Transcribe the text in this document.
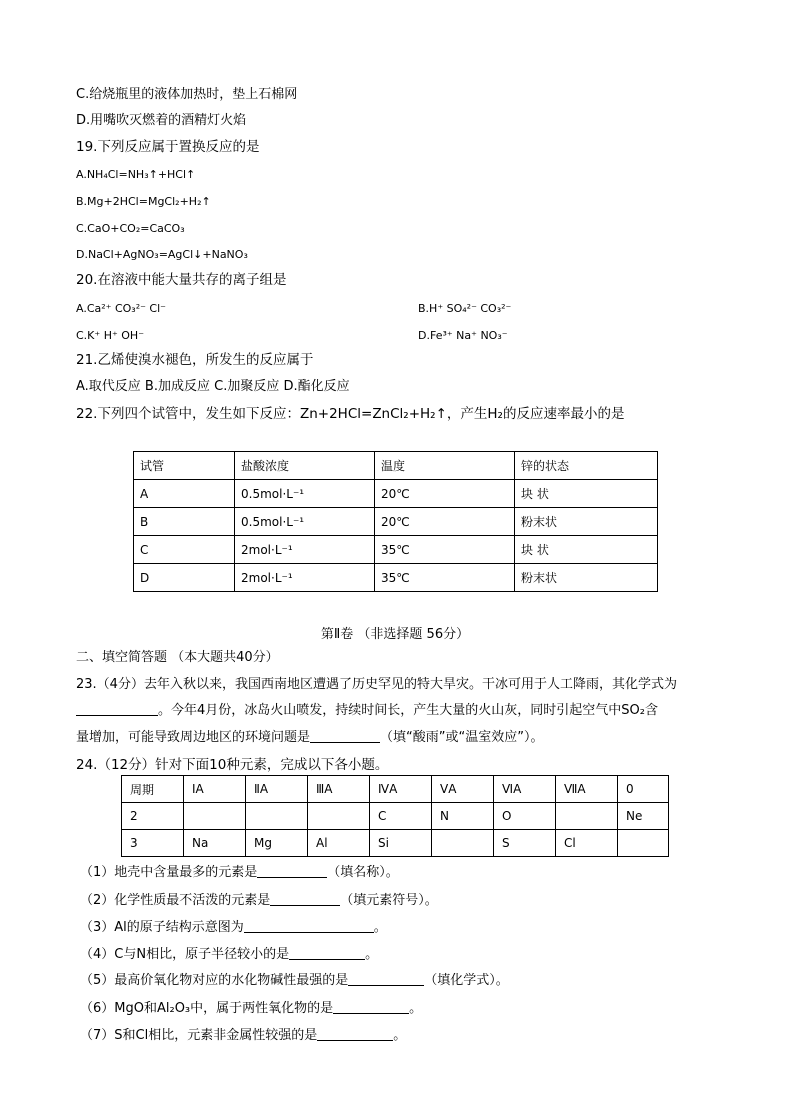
C.给烧瓶里的液体加热时，垫上石棉网
D.用嘴吹灭燃着的酒精灯火焰
19.下列反应属于置换反应的是
A.NH₄Cl=NH₃↑+HCl↑
B.Mg+2HCl=MgCl₂+H₂↑
C.CaO+CO₂=CaCO₃
D.NaCl+AgNO₃=AgCl↓+NaNO₃
20.在溶液中能大量共存的离子组是
A.Ca²⁺ CO₃²⁻ Cl⁻	B.H⁺ SO₄²⁻ CO₃²⁻
C.K⁺ H⁺ OH⁻	D.Fe³⁺ Na⁺ NO₃⁻
21.乙烯使溴水褪色，所发生的反应属于
A.取代反应 B.加成反应 C.加聚反应 D.酯化反应
22.下列四个试管中，发生如下反应：Zn+2HCl=ZnCl₂+H₂↑，产生H₂的反应速率最小的是
试管	盐酸浓度	温度	锌的状态
A	0.5mol·L⁻¹	20℃	块 状
B	0.5mol·L⁻¹	20℃	粉末状
C	2mol·L⁻¹	35℃	块 状
D	2mol·L⁻¹	35℃	粉末状
第Ⅱ卷 （非选择题 56分）
二、填空简答题 （本大题共40分）
23.（4分）去年入秋以来，我国西南地区遭遇了历史罕见的特大旱灾。干冰可用于人工降雨，其化学式为
。今年4月份，冰岛火山喷发，持续时间长，产生大量的火山灰，同时引起空气中SO₂含
量增加，可能导致周边地区的环境问题是	（填“酸雨”或“温室效应”）。
24.（12分）针对下面10种元素，完成以下各小题。
周期	ⅠA	ⅡA	ⅢA	ⅣA	ⅤA	ⅥA	ⅦA	0
2				C	N	O		Ne
3	Na	Mg	Al	Si		S	Cl	
（1）地壳中含量最多的元素是	（填名称）。
（2）化学性质最不活泼的元素是	（填元素符号）。
（3）Al的原子结构示意图为	。
（4）C与N相比，原子半径较小的是	。
（5）最高价氧化物对应的水化物碱性最强的是	（填化学式）。
（6）MgO和Al₂O₃中，属于两性氧化物的是	。
（7）S和Cl相比，元素非金属性较强的是	。
